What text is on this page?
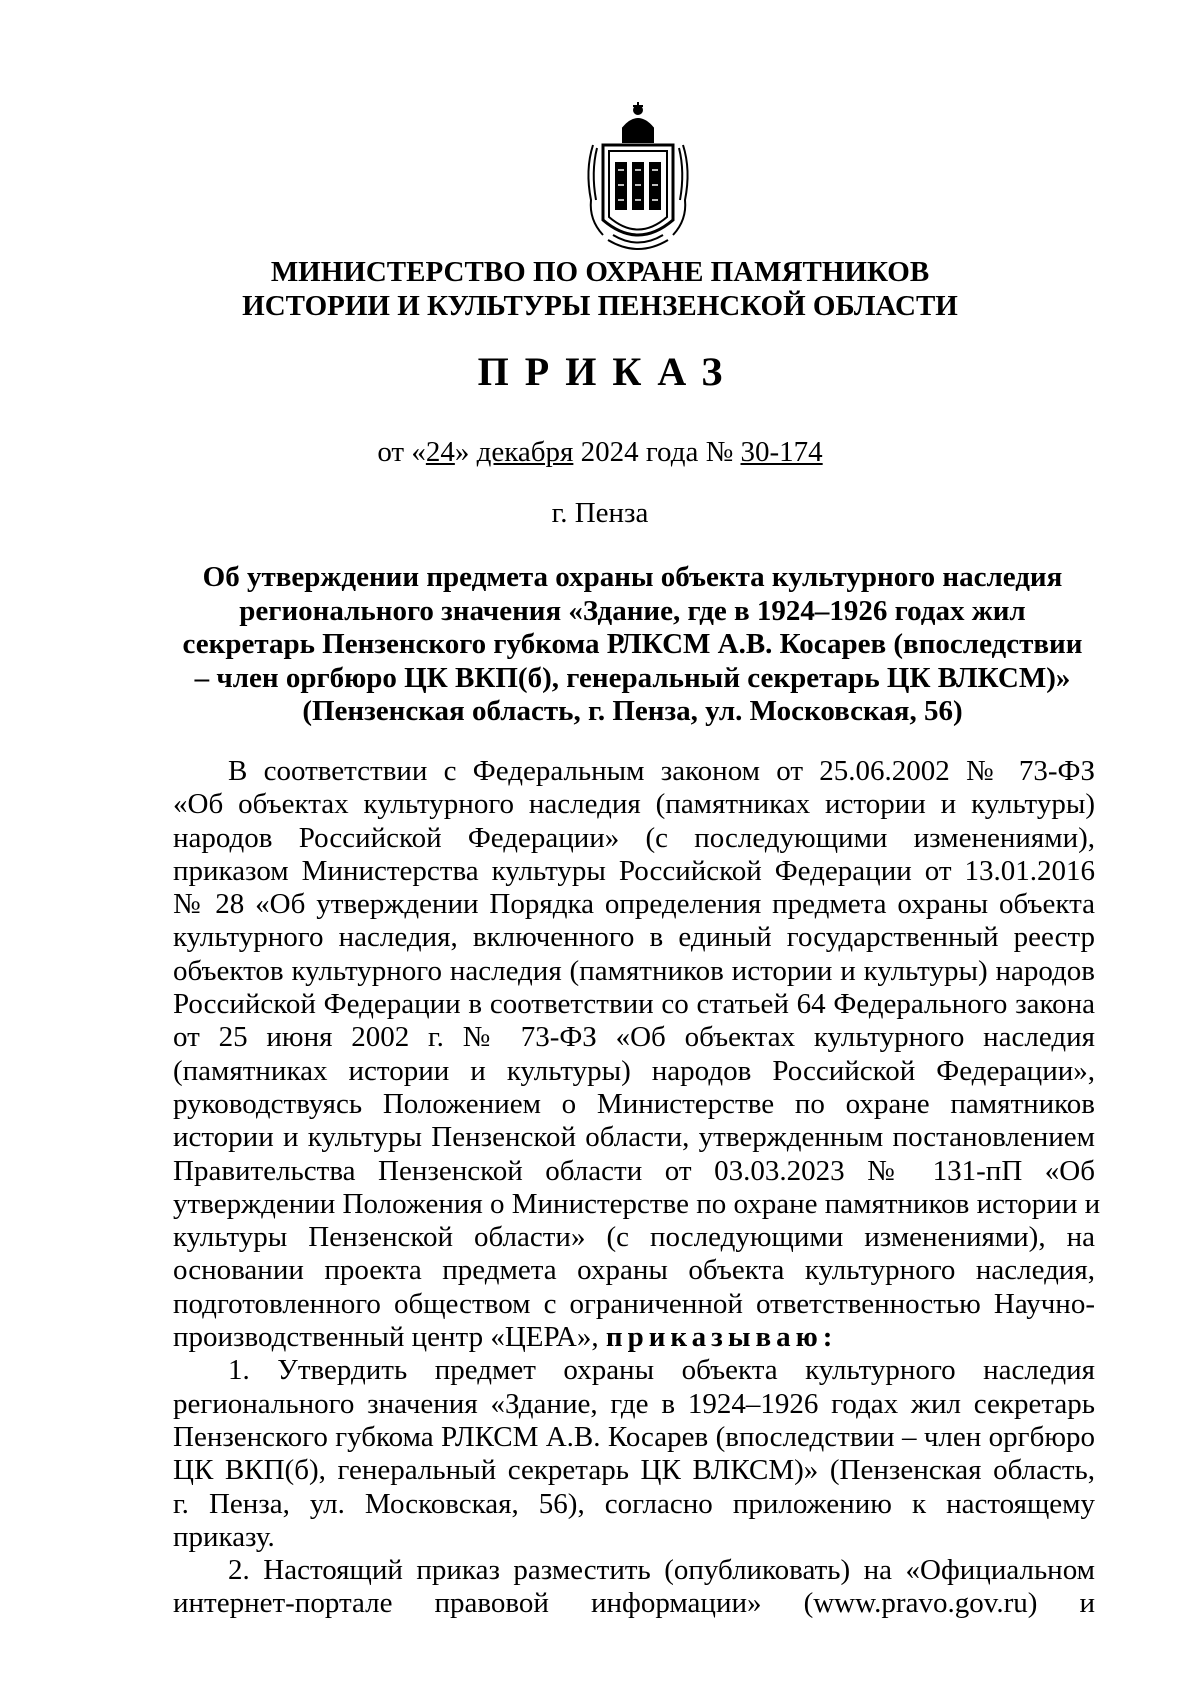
МИНИСТЕРСТВО ПО ОХРАНЕ ПАМЯТНИКОВ
ИСТОРИИ И КУЛЬТУРЫ ПЕНЗЕНСКОЙ ОБЛАСТИ
ПРИКАЗ
от «24» декабря 2024 года № 30-174
г. Пенза
Об утверждении предмета охраны объекта культурного наследия
регионального значения «Здание, где в 1924–1926 годах жил
секретарь Пензенского губкома РЛКСМ А.В. Косарев (впоследствии
– член оргбюро ЦК ВКП(б), генеральный секретарь ЦК ВЛКСМ)»
(Пензенская область, г. Пенза, ул. Московская, 56)
В соответствии с Федеральным законом от 25.06.2002 № 73-ФЗ
«Об объектах культурного наследия (памятниках истории и культуры)
народов Российской Федерации» (с последующими изменениями),
приказом Министерства культуры Российской Федерации от 13.01.2016
№ 28 «Об утверждении Порядка определения предмета охраны объекта
культурного наследия, включенного в единый государственный реестр
объектов культурного наследия (памятников истории и культуры) народов
Российской Федерации в соответствии со статьей 64 Федерального закона
от 25 июня 2002 г. № 73-ФЗ «Об объектах культурного наследия
(памятниках истории и культуры) народов Российской Федерации»,
руководствуясь Положением о Министерстве по охране памятников
истории и культуры Пензенской области, утвержденным постановлением
Правительства Пензенской области от 03.03.2023 № 131-пП «Об
утверждении Положения о Министерстве по охране памятников истории и
культуры Пензенской области» (с последующими изменениями), на
основании проекта предмета охраны объекта культурного наследия,
подготовленного обществом с ограниченной ответственностью Научно-
производственный центр «ЦЕРА», приказываю:
1. Утвердить предмет охраны объекта культурного наследия
регионального значения «Здание, где в 1924–1926 годах жил секретарь
Пензенского губкома РЛКСМ А.В. Косарев (впоследствии – член оргбюро
ЦК ВКП(б), генеральный секретарь ЦК ВЛКСМ)» (Пензенская область,
г. Пенза, ул. Московская, 56), согласно приложению к настоящему
приказу.
2. Настоящий приказ разместить (опубликовать) на «Официальном
интернет-портале правовой информации» (www.pravo.gov.ru) и
